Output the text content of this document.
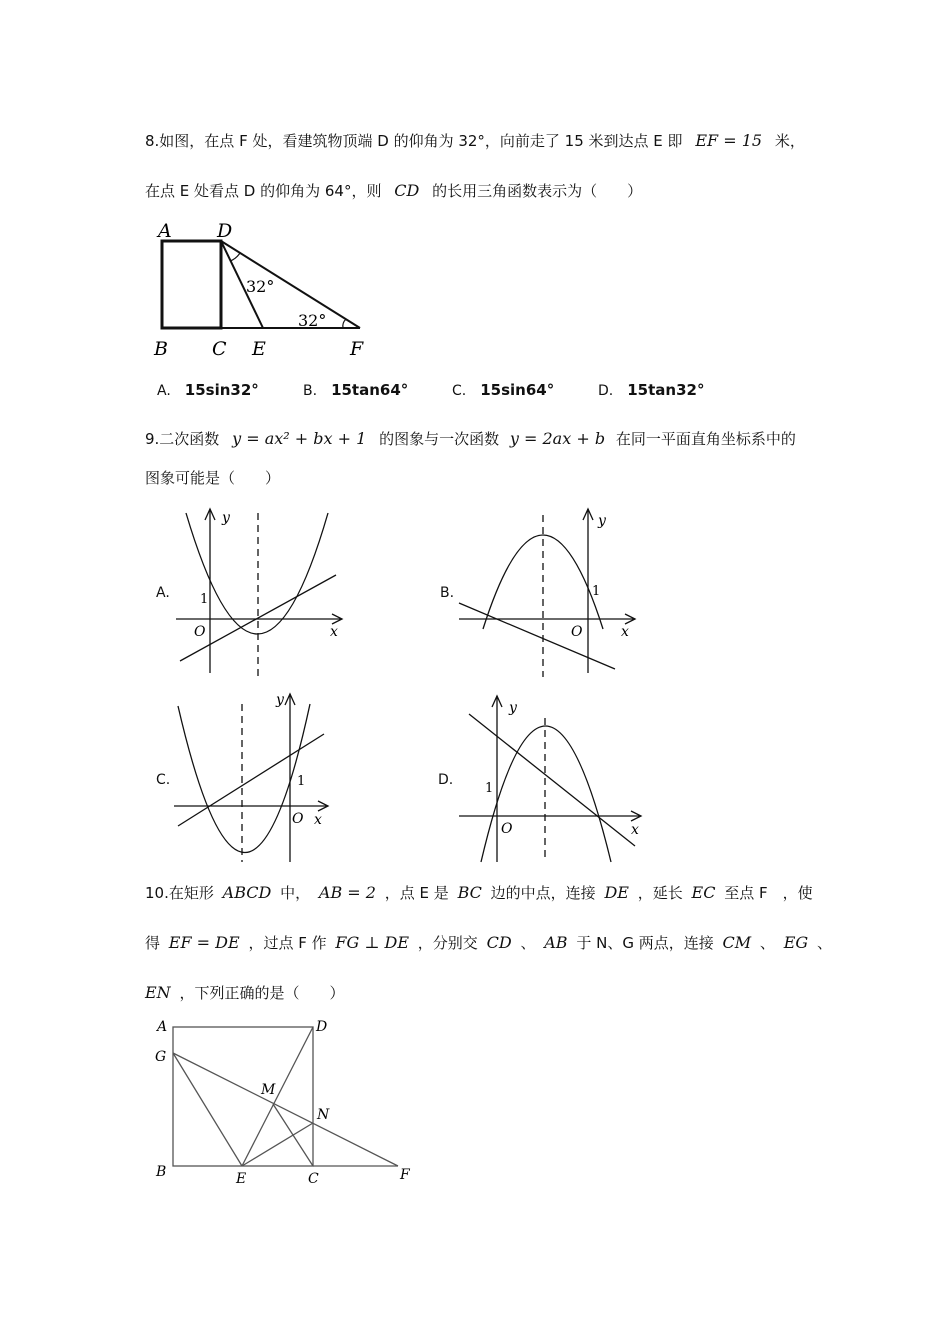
8.如图，在点 F 处，看建筑物顶端 D 的仰角为 32°，向前走了 15 米到达点 E 即 EF = 15 米，
在点 E 处看点 D 的仰角为 64°，则 CD 的长用三角函数表示为（　　）
A D
B C E	F
32°
32°
A. 15sin32°	B. 15tan64°	C. 15sin64°	D. 15tan32°
9.二次函数 y = ax² + bx + 1 的图象与一次函数 y = 2ax + b 在同一平面直角坐标系中的
图象可能是（　　）
A.
y
x
O
1	B.
y
x
O
1
C.
y
x
O
1	D.
y
x
O
1
10.在矩形 ABCD 中， AB = 2 ，点 E 是 BC 边的中点，连接 DE ，延长 EC 至点 F　，使
得 EF = DE ，过点 F 作 FG ⊥ DE ，分别交 CD 、 AB 于 N、G 两点，连接 CM 、 EG 、
EN ，下列正确的是（　　）
A	D
G
M
N
B	E	C	F
